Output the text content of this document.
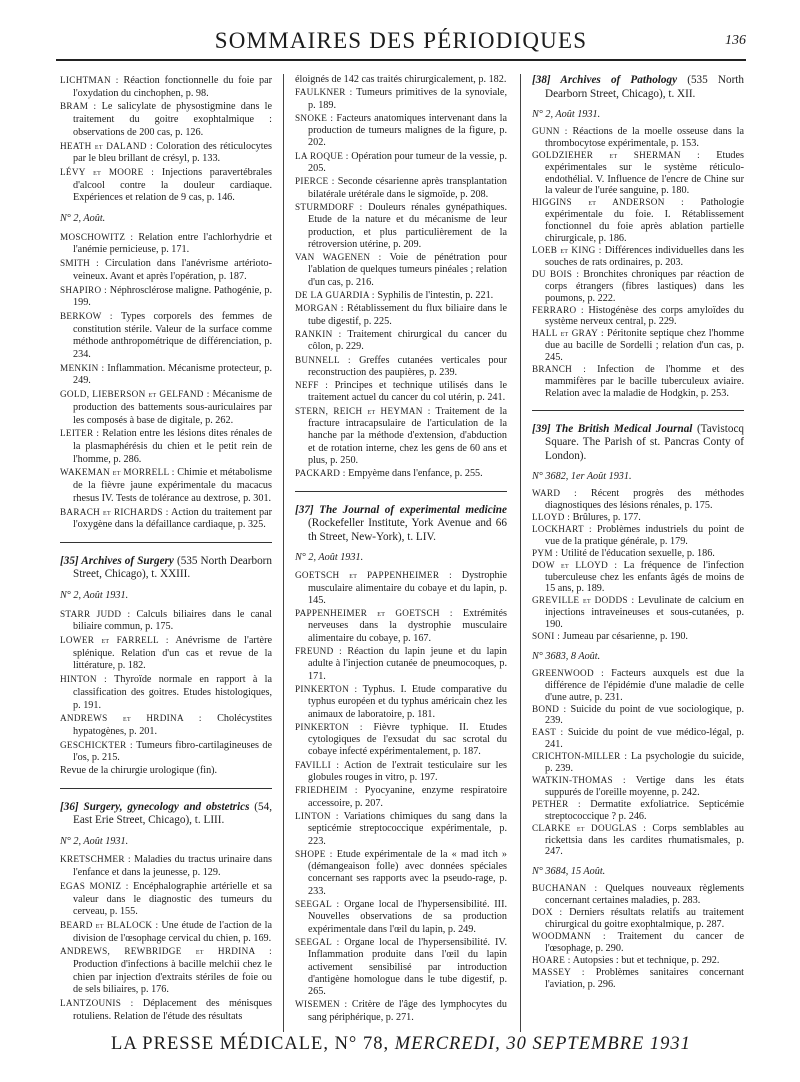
SOMMAIRES DES PÉRIODIQUES	136

LICHTMAN : Réaction fonctionnelle du foie par l'oxydation du cinchophen, p. 98.

BRAM : Le salicylate de physostigmine dans le traitement du goitre exophtalmique : observations de 200 cas, p. 126.

HEATH et DALAND : Coloration des réticulocytes par le bleu brillant de crésyl, p. 133.

LÉVY et MOORE : Injections paravertébrales d'alcool contre la douleur cardiaque. Expériences et relation de 9 cas, p. 146.

N° 2, Août.

MOSCHOWITZ : Relation entre l'achlorhydrie et l'anémie pernicieuse, p. 171.

SMITH : Circulation dans l'anévrisme artérioto-veineux. Avant et après l'opération, p. 187.

SHAPIRO : Néphrosclérose maligne. Pathogénie, p. 199.

BERKOW : Types corporels des femmes de constitution stérile. Valeur de la surface comme méthode anthropométrique de différenciation, p. 234.

MENKIN : Inflammation. Mécanisme protecteur, p. 249.

GOLD, LIEBERSON et GELFAND : Mécanisme de production des battements sous-auriculaires par les composés à base de digitale, p. 262.

LEITER : Relation entre les lésions dites rénales de la plasmaphérésis du chien et le petit rein de l'homme, p. 286.

WAKEMAN et MORRELL : Chimie et métabolisme de la fièvre jaune expérimentale du macacus rhesus IV. Tests de tolérance au dextrose, p. 301.

BARACH et RICHARDS : Action du traitement par l'oxygène dans la défaillance cardiaque, p. 325.

[35] Archives of Surgery (535 North Dearborn Street, Chicago), t. XXIII.

N° 2, Août 1931.

STARR JUDD : Calculs biliaires dans le canal biliaire commun, p. 175.

LOWER et FARRELL : Anévrisme de l'artère splénique. Relation d'un cas et revue de la littérature, p. 182.

HINTON : Thyroïde normale en rapport à la classification des goitres. Etudes histologiques, p. 191.

ANDREWS et HRDINA : Cholécystites hypatogènes, p. 201.

GESCHICKTER : Tumeurs fibro-cartilagineuses de l'os, p. 215.

Revue de la chirurgie urologique (fin).

[36] Surgery, gynecology and obstetrics (54, East Erie Street, Chicago), t. LIII.

N° 2, Août 1931.

KRETSCHMER : Maladies du tractus urinaire dans l'enfance et dans la jeunesse, p. 129.

EGAS MONIZ : Encéphalographie artérielle et sa valeur dans le diagnostic des tumeurs du cerveau, p. 155.

BEARD et BLALOCK : Une étude de l'action de la division de l'œsophage cervical du chien, p. 169.

ANDREWS, REWBRIDGE et HRDINA : Production d'infections à bacille melchii chez le chien par injection d'extraits stériles de foie ou de sels biliaires, p. 176.

LANTZOUNIS : Déplacement des ménisques rotuliens. Relation de l'étude des résultats

éloignés de 142 cas traités chirurgicalement, p. 182.

FAULKNER : Tumeurs primitives de la synoviale, p. 189.

SNOKE : Facteurs anatomiques intervenant dans la production de tumeurs malignes de la figure, p. 202.

LA ROQUE : Opération pour tumeur de la vessie, p. 205.

PIERCE : Seconde césarienne après transplantation bilatérale urétérale dans le sigmoïde, p. 208.

STURMDORF : Douleurs rénales gynépathiques. Etude de la nature et du mécanisme de leur production, et plus particulièrement de la rétroversion utérine, p. 209.

VAN WAGENEN : Voie de pénétration pour l'ablation de quelques tumeurs pinéales ; relation d'un cas, p. 216.

DE LA GUARDIA : Syphilis de l'intestin, p. 221.

MORGAN : Rétablissement du flux biliaire dans le tube digestif, p. 225.

RANKIN : Traitement chirurgical du cancer du côlon, p. 229.

BUNNELL : Greffes cutanées verticales pour reconstruction des paupières, p. 239.

NEFF : Principes et technique utilisés dans le traitement actuel du cancer du col utérin, p. 241.

STERN, REICH et HEYMAN : Traitement de la fracture intracapsulaire de l'articulation de la hanche par la méthode d'extension, d'abduction et de rotation interne, chez les gens de 60 ans et plus, p. 250.

PACKARD : Empyème dans l'enfance, p. 255.

[37] The Journal of experimental medicine (Rockefeller Institute, York Avenue and 66 th Street, New-York), t. LIV.

N° 2, Août 1931.

GOETSCH et PAPPENHEIMER : Dystrophie musculaire alimentaire du cobaye et du lapin, p. 145.

PAPPENHEIMER et GOETSCH : Extrémités nerveuses dans la dystrophie musculaire alimentaire du cobaye, p. 167.

FREUND : Réaction du lapin jeune et du lapin adulte à l'injection cutanée de pneumocoques, p. 171.

PINKERTON : Typhus. I. Etude comparative du typhus européen et du typhus américain chez les animaux de laboratoire, p. 181.

PINKERTON : Fièvre typhique. II. Etudes cytologiques de l'exsudat du sac scrotal du cobaye infecté expérimentalement, p. 187.

FAVILLI : Action de l'extrait testiculaire sur les globules rouges in vitro, p. 197.

FRIEDHEIM : Pyocyanine, enzyme respiratoire accessoire, p. 207.

LINTON : Variations chimiques du sang dans la septicémie streptococcique expérimentale, p. 223.

SHOPE : Etude expérimentale de la « mad itch » (démangeaison folle) avec données spéciales concernant ses rapports avec la pseudo-rage, p. 233.

SEEGAL : Organe local de l'hypersensibilité. III. Nouvelles observations de sa production expérimentale dans l'œil du lapin, p. 249.

SEEGAL : Organe local de l'hypersensibilité. IV. Inflammation produite dans l'œil du lapin activement sensibilisé par introduction d'antigène homologue dans le tube digestif, p. 265.

WISEMEN : Critère de l'âge des lymphocytes du sang périphérique, p. 271.

[38] Archives of Pathology (535 North Dearborn Street, Chicago), t. XII.

N° 2, Août 1931.

GUNN : Réactions de la moelle osseuse dans la thrombocytose expérimentale, p. 153.

GOLDZIEHER et SHERMAN : Etudes expérimentales sur le système réticulo-endothélial. V. Influence de l'encre de Chine sur la valeur de l'urée sanguine, p. 180.

HIGGINS et ANDERSON : Pathologie expérimentale du foie. I. Rétablissement fonctionnel du foie après ablation partielle chirurgicale, p. 186.

LOEB et KING : Différences individuelles dans les souches de rats ordinaires, p. 203.

DU BOIS : Bronchites chroniques par réaction de corps étrangers (fibres lastiques) dans les poumons, p. 222.

FERRARO : Histogénèse des corps amyloïdes du système nerveux central, p. 229.

HALL et GRAY : Péritonite septique chez l'homme due au bacille de Sordelli ; relation d'un cas, p. 245.

BRANCH : Infection de l'homme et des mammifères par le bacille tuberculeux aviaire. Relation avec la maladie de Hodgkin, p. 253.

[39] The British Medical Journal (Tavistocq Square. The Parish of st. Pancras Conty of London).

N° 3682, 1er Août 1931.

WARD : Récent progrès des méthodes diagnostiques des lésions rénales, p. 175.

LLOYD : Brûlures, p. 177.

LOCKHART : Problèmes industriels du point de vue de la pratique générale, p. 179.

PYM : Utilité de l'éducation sexuelle, p. 186.

DOW et LLOYD : La fréquence de l'infection tuberculeuse chez les enfants âgés de moins de 15 ans, p. 189.

GREVILLE et DODDS : Levulinate de calcium en injections intraveineuses et sous-cutanées, p. 190.

SONI : Jumeau par césarienne, p. 190.

N° 3683, 8 Août.

GREENWOOD : Facteurs auxquels est due la différence de l'épidémie d'une maladie de celle d'une autre, p. 231.

BOND : Suicide du point de vue sociologique, p. 239.

EAST : Suicide du point de vue médico-légal, p. 241.

CRICHTON-MILLER : La psychologie du suicide, p. 239.

WATKIN-THOMAS : Vertige dans les états suppurés de l'oreille moyenne, p. 242.

PETHER : Dermatite exfoliatrice. Septicémie streptococcique ? p. 246.

CLARKE et DOUGLAS : Corps semblables au rickettsia dans les cardites rhumatismales, p. 247.

N° 3684, 15 Août.

BUCHANAN : Quelques nouveaux règlements concernant certaines maladies, p. 283.

DOX : Derniers résultats relatifs au traitement chirurgical du goitre exophtalmique, p. 287.

WOODMANN : Traitement du cancer de l'œsophage, p. 290.

HOARE : Autopsies : but et technique, p. 292.

MASSEY : Problèmes sanitaires concernant l'aviation, p. 296.

LA PRESSE MÉDICALE, N° 78, MERCREDI, 30 SEPTEMBRE 1931
